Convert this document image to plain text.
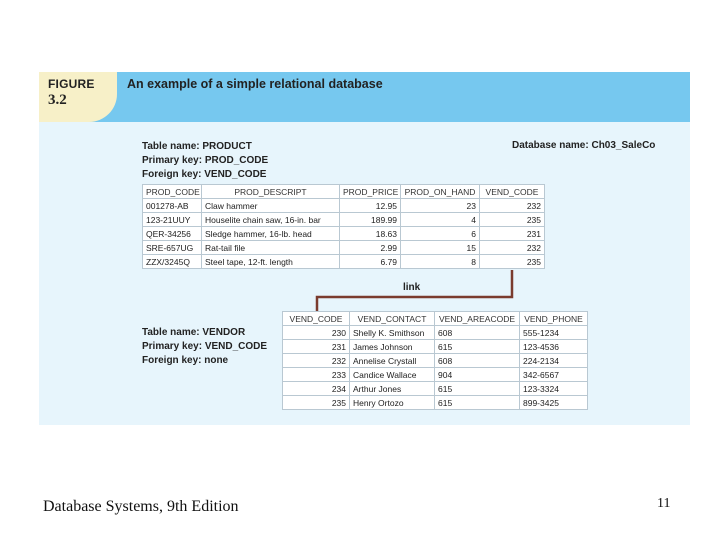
FIGURE
3.2
An example of a simple relational database
Table name: PRODUCT
Primary key: PROD_CODE
Foreign key: VEND_CODE
Database name: Ch03_SaleCo
PROD_CODE	PROD_DESCRIPT	PROD_PRICE	PROD_ON_HAND	VEND_CODE
001278-AB	Claw hammer	12.95	23	232
123-21UUY	Houselite chain saw, 16-in. bar	189.99	4	235
QER-34256	Sledge hammer, 16-lb. head	18.63	6	231
SRE-657UG	Rat-tail file	2.99	15	232
ZZX/3245Q	Steel tape, 12-ft. length	6.79	8	235
link
Table name: VENDOR
Primary key: VEND_CODE
Foreign key: none
VEND_CODE	VEND_CONTACT	VEND_AREACODE	VEND_PHONE
230	Shelly K. Smithson	608	555-1234
231	James Johnson	615	123-4536
232	Annelise Crystall	608	224-2134
233	Candice Wallace	904	342-6567
234	Arthur Jones	615	123-3324
235	Henry Ortozo	615	899-3425
Database Systems, 9th Edition	11
